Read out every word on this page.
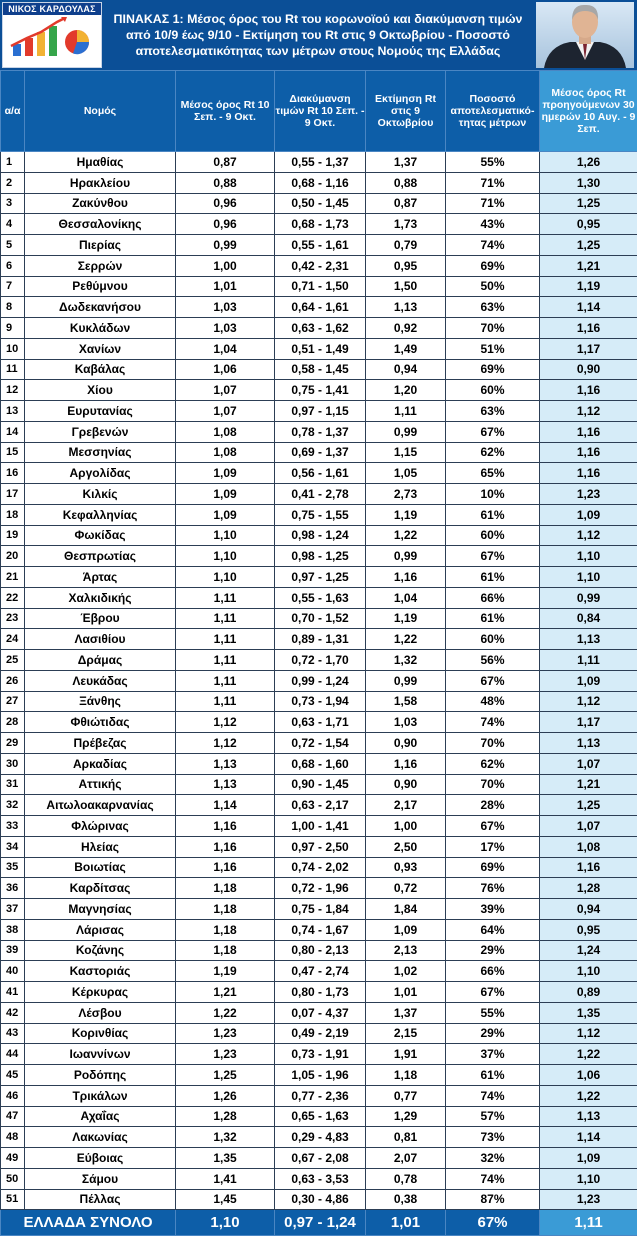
ΝΙΚΟΣ ΚΑΡΔΟΥΛΑΣ
ΠΙΝΑΚΑΣ 1: Μέσος όρος του Rt του κορωνοϊού και διακύμανση τιμών
από 10/9 έως 9/10 - Εκτίμηση του Rt στις 9 Οκτωβρίου - Ποσοστό
αποτελεσματικότητας των μέτρων στους Νομούς της Ελλάδας
α/α	Νομός	Μέσος όρος Rt 10 Σεπ. - 9 Οκτ.	Διακύμανση τιμών Rt 10 Σεπ. - 9 Οκτ.	Εκτίμηση Rt στις 9 Οκτωβρίου	Ποσοστό αποτελεσματικό- τητας μέτρων	Μέσος όρος Rt προηγούμενων 30 ημερών 10 Αυγ. - 9 Σεπ.
1	Ημαθίας	0,87	0,55 - 1,37	1,37	55%	1,26
2	Ηρακλείου	0,88	0,68 - 1,16	0,88	71%	1,30
3	Ζακύνθου	0,96	0,50 - 1,45	0,87	71%	1,25
4	Θεσσαλονίκης	0,96	0,68 - 1,73	1,73	43%	0,95
5	Πιερίας	0,99	0,55 - 1,61	0,79	74%	1,25
6	Σερρών	1,00	0,42 - 2,31	0,95	69%	1,21
7	Ρεθύμνου	1,01	0,71 - 1,50	1,50	50%	1,19
8	Δωδεκανήσου	1,03	0,64 - 1,61	1,13	63%	1,14
9	Κυκλάδων	1,03	0,63 - 1,62	0,92	70%	1,16
10	Χανίων	1,04	0,51 - 1,49	1,49	51%	1,17
11	Καβάλας	1,06	0,58 - 1,45	0,94	69%	0,90
12	Χίου	1,07	0,75 - 1,41	1,20	60%	1,16
13	Ευρυτανίας	1,07	0,97 - 1,15	1,11	63%	1,12
14	Γρεβενών	1,08	0,78 - 1,37	0,99	67%	1,16
15	Μεσσηνίας	1,08	0,69 - 1,37	1,15	62%	1,16
16	Αργολίδας	1,09	0,56 - 1,61	1,05	65%	1,16
17	Κιλκίς	1,09	0,41 - 2,78	2,73	10%	1,23
18	Κεφαλληνίας	1,09	0,75 - 1,55	1,19	61%	1,09
19	Φωκίδας	1,10	0,98 - 1,24	1,22	60%	1,12
20	Θεσπρωτίας	1,10	0,98 - 1,25	0,99	67%	1,10
21	Άρτας	1,10	0,97 - 1,25	1,16	61%	1,10
22	Χαλκιδικής	1,11	0,55 - 1,63	1,04	66%	0,99
23	Έβρου	1,11	0,70 - 1,52	1,19	61%	0,84
24	Λασιθίου	1,11	0,89 - 1,31	1,22	60%	1,13
25	Δράμας	1,11	0,72 - 1,70	1,32	56%	1,11
26	Λευκάδας	1,11	0,99 - 1,24	0,99	67%	1,09
27	Ξάνθης	1,11	0,73 - 1,94	1,58	48%	1,12
28	Φθιώτιδας	1,12	0,63 - 1,71	1,03	74%	1,17
29	Πρέβεζας	1,12	0,72 - 1,54	0,90	70%	1,13
30	Αρκαδίας	1,13	0,68 - 1,60	1,16	62%	1,07
31	Αττικής	1,13	0,90 - 1,45	0,90	70%	1,21
32	Αιτωλοακαρνανίας	1,14	0,63 - 2,17	2,17	28%	1,25
33	Φλώρινας	1,16	1,00 - 1,41	1,00	67%	1,07
34	Ηλείας	1,16	0,97 - 2,50	2,50	17%	1,08
35	Βοιωτίας	1,16	0,74 - 2,02	0,93	69%	1,16
36	Καρδίτσας	1,18	0,72 - 1,96	0,72	76%	1,28
37	Μαγνησίας	1,18	0,75 - 1,84	1,84	39%	0,94
38	Λάρισας	1,18	0,74 - 1,67	1,09	64%	0,95
39	Κοζάνης	1,18	0,80 - 2,13	2,13	29%	1,24
40	Καστοριάς	1,19	0,47 - 2,74	1,02	66%	1,10
41	Κέρκυρας	1,21	0,80 - 1,73	1,01	67%	0,89
42	Λέσβου	1,22	0,07 - 4,37	1,37	55%	1,35
43	Κορινθίας	1,23	0,49 - 2,19	2,15	29%	1,12
44	Ιωαννίνων	1,23	0,73 - 1,91	1,91	37%	1,22
45	Ροδόπης	1,25	1,05 - 1,96	1,18	61%	1,06
46	Τρικάλων	1,26	0,77 - 2,36	0,77	74%	1,22
47	Αχαΐας	1,28	0,65 - 1,63	1,29	57%	1,13
48	Λακωνίας	1,32	0,29 - 4,83	0,81	73%	1,14
49	Εύβοιας	1,35	0,67 - 2,08	2,07	32%	1,09
50	Σάμου	1,41	0,63 - 3,53	0,78	74%	1,10
51	Πέλλας	1,45	0,30 - 4,86	0,38	87%	1,23
ΕΛΛΑΔΑ ΣΥΝΟΛΟ		1,10	0,97 - 1,24	1,01	67%	1,11
